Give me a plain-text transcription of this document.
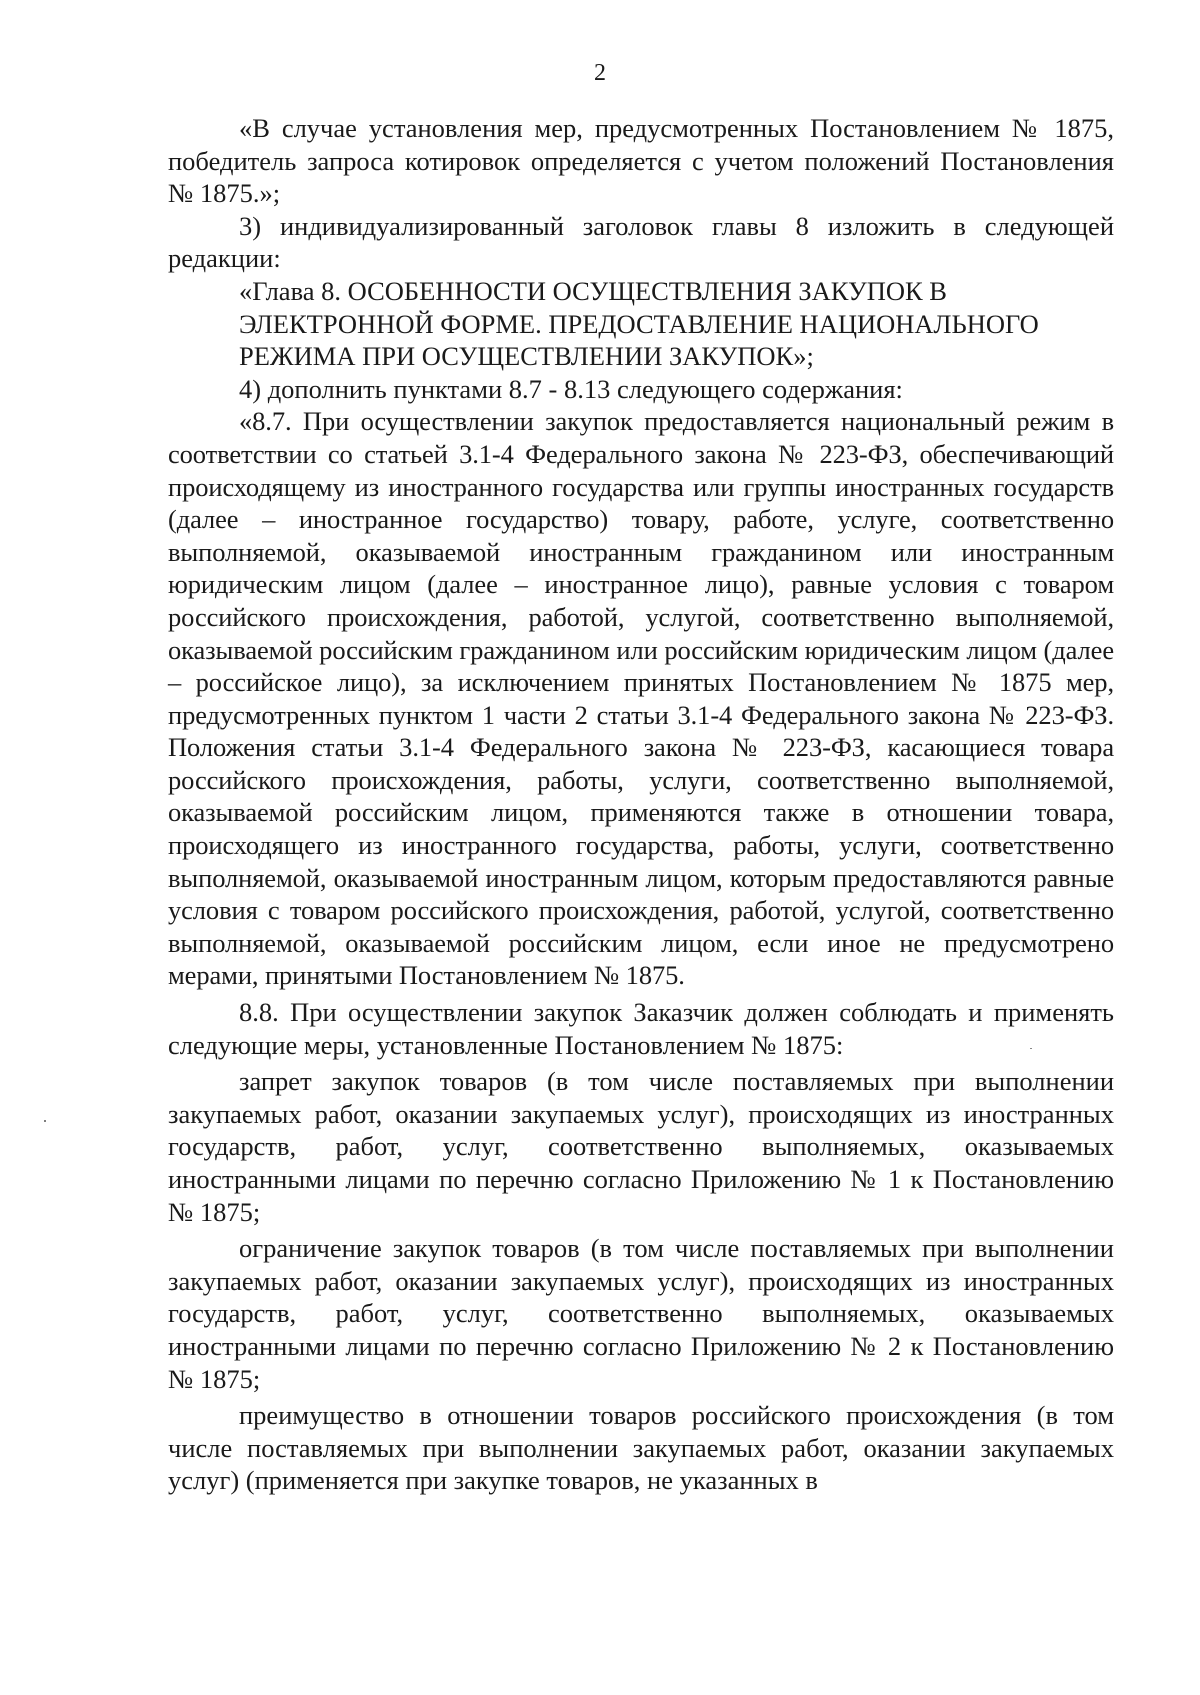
2

«В случае установления мер, предусмотренных Постановлением № 1875, победитель запроса котировок определяется с учетом положений Постановления № 1875.»;

3) индивидуализированный заголовок главы 8 изложить в следующей редакции:

«Глава 8. ОСОБЕННОСТИ ОСУЩЕСТВЛЕНИЯ ЗАКУПОК В

ЭЛЕКТРОННОЙ ФОРМЕ. ПРЕДОСТАВЛЕНИЕ НАЦИОНАЛЬНОГО

РЕЖИМА ПРИ ОСУЩЕСТВЛЕНИИ ЗАКУПОК»;

4) дополнить пунктами 8.7 - 8.13 следующего содержания:

«8.7. При осуществлении закупок предоставляется национальный режим в соответствии со статьей 3.1-4 Федерального закона № 223-ФЗ, обеспечивающий происходящему из иностранного государства или группы иностранных государств (далее – иностранное государство) товару, работе, услуге, соответственно выполняемой, оказываемой иностранным гражданином или иностранным юридическим лицом (далее – иностранное лицо), равные условия с товаром российского происхождения, работой, услугой, соответственно выполняемой, оказываемой российским гражданином или российским юридическим лицом (далее – российское лицо), за исключением принятых Постановлением № 1875 мер, предусмотренных пунктом 1 части 2 статьи 3.1-4 Федерального закона № 223-ФЗ. Положения статьи 3.1-4 Федерального закона № 223-ФЗ, касающиеся товара российского происхождения, работы, услуги, соответственно выполняемой, оказываемой российским лицом, применяются также в отношении товара, происходящего из иностранного государства, работы, услуги, соответственно выполняемой, оказываемой иностранным лицом, которым предоставляются равные условия с товаром российского происхождения, работой, услугой, соответственно выполняемой, оказываемой российским лицом, если иное не предусмотрено мерами, принятыми Постановлением № 1875.

8.8. При осуществлении закупок Заказчик должен соблюдать и применять следующие меры, установленные Постановлением № 1875:

запрет закупок товаров (в том числе поставляемых при выполнении закупаемых работ, оказании закупаемых услуг), происходящих из иностранных государств, работ, услуг, соответственно выполняемых, оказываемых иностранными лицами по перечню согласно Приложению № 1 к Постановлению № 1875;

ограничение закупок товаров (в том числе поставляемых при выполнении закупаемых работ, оказании закупаемых услуг), происходящих из иностранных государств, работ, услуг, соответственно выполняемых, оказываемых иностранными лицами по перечню согласно Приложению № 2 к Постановлению № 1875;

преимущество в отношении товаров российского происхождения (в том числе поставляемых при выполнении закупаемых работ, оказании закупаемых услуг) (применяется при закупке товаров, не указанных в
